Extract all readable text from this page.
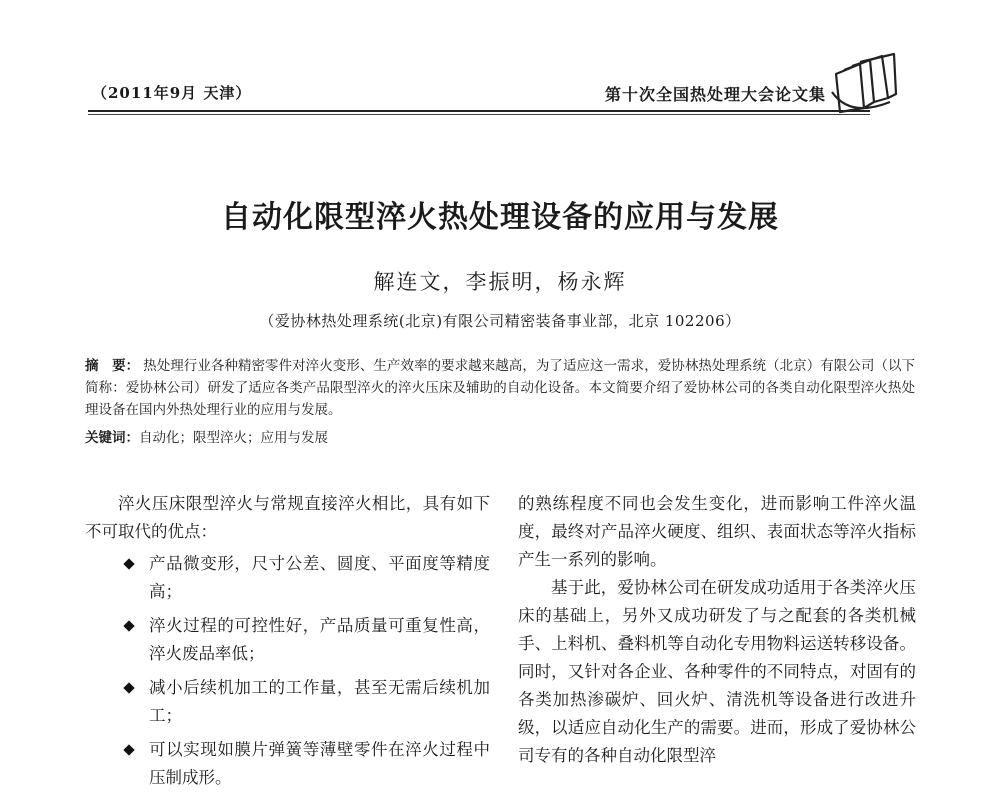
（2011年9月 天津）	第十次全国热处理大会论文集
自动化限型淬火热处理设备的应用与发展
解连文，李振明，杨永辉
（爱协林热处理系统(北京)有限公司精密装备事业部，北京 102206）
摘　要： 热处理行业各种精密零件对淬火变形、生产效率的要求越来越高，为了适应这一需求，爱协林热处理系统（北京）有限公司（以下简称：爱协林公司）研发了适应各类产品限型淬火的淬火压床及辅助的自动化设备。本文简要介绍了爱协林公司的各类自动化限型淬火热处理设备在国内外热处理行业的应用与发展。
关键词：自动化；限型淬火；应用与发展

淬火压床限型淬火与常规直接淬火相比，具有如下不可取代的优点：

产品微变形，尺寸公差、圆度、平面度等精度高；
淬火过程的可控性好，产品质量可重复性高，淬火废品率低；
减小后续机加工的工作量，甚至无需后续机加工；
可以实现如膜片弹簧等薄壁零件在淬火过程中压制成形。

的熟练程度不同也会发生变化，进而影响工件淬火温度，最终对产品淬火硬度、组织、表面状态等淬火指标产生一系列的影响。

基于此，爱协林公司在研发成功适用于各类淬火压床的基础上，另外又成功研发了与之配套的各类机械手、上料机、叠料机等自动化专用物料运送转移设备。同时，又针对各企业、各种零件的不同特点，对固有的各类加热渗碳炉、回火炉、清洗机等设备进行改进升级，以适应自动化生产的需要。进而，形成了爱协林公司专有的各种自动化限型淬
